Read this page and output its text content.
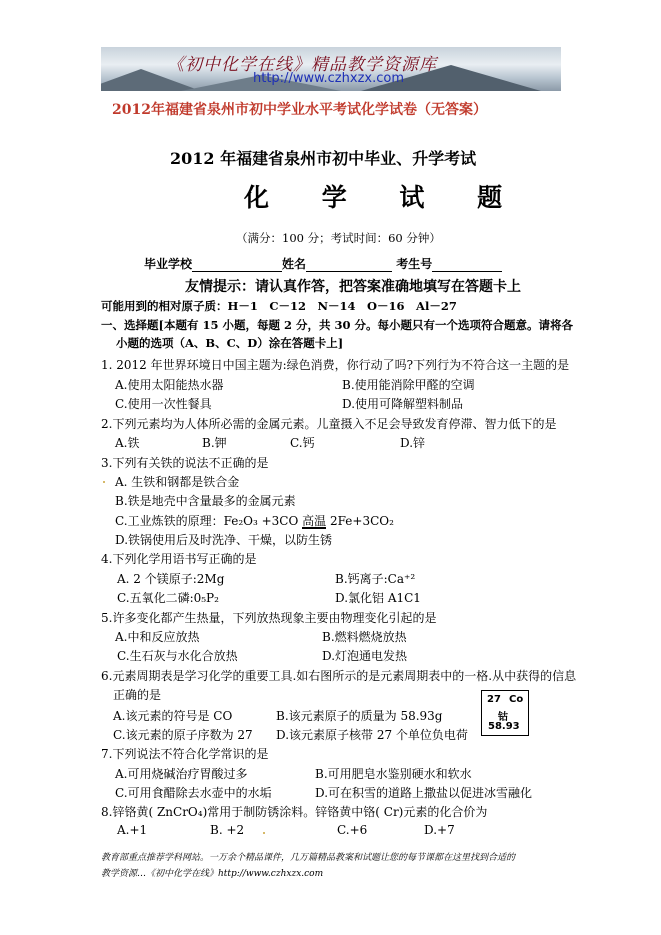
《初中化学在线》精品教学资源库
http://www.czhxzx.com
2012年福建省泉州市初中学业水平考试化学试卷（无答案）
2012 年福建省泉州市初中毕业、升学考试
化 学 试 题
（满分：100 分；考试时间：60 分钟）
毕业学校	姓名	考生号
友情提示：请认真作答，把答案准确地填写在答题卡上
可能用到的相对原子质：H－1　C－12　N－14　O－16　Al－27
一、选择题[本题有 15 小题，每题 2 分，共 30 分。每小题只有一个选项符合题意。请将各
小题的选项（A、B、C、D）涂在答题卡上]
1. 2012 年世界环境日中国主题为:绿色消费，你行动了吗?下列行为不符合这一主题的是
A.使用太阳能热水器	B.使用能消除甲醛的空调
C.使用一次性餐具	D.使用可降解塑料制品
2.下列元素均为人体所必需的金属元素。儿童摄入不足会导致发育停滞、智力低下的是
A.铁	B.钾	C.钙	D.锌
3.下列有关铁的说法不正确的是
A. 生铁和钢都是铁合金
B.铁是地壳中含量最多的金属元素
C.工业炼铁的原理：Fe₂O₃ +3CO 高温 2Fe+3CO₂
D.铁锅使用后及时洗净、干燥，以防生锈
4.下列化学用语书写正确的是
A. 2 个镁原子:2Mg	B.钙离子:Ca⁺²
C.五氧化二磷:0₅P₂	D.氯化铝 A1C1
5.许多变化都产生热量，下列放热现象主要由物理变化引起的是
A.中和反应放热	B.燃料燃烧放热
C.生石灰与水化合放热	D.灯泡通电发热
6.元素周期表是学习化学的重要工具.如右图所示的是元素周期表中的一格.从中获得的信息
正确的是
A.该元素的符号是 CO	B.该元素原子的质量为 58.93g
C.该元素的原子序数为 27 D.该元素原子核带 27 个单位负电荷
27 Co
钴
58.93
7.下列说法不符合化学常识的是
A.可用烧碱治疗胃酸过多	B.可用肥皂水鉴别硬水和软水
C.可用食醋除去水壶中的水垢	D.可在积雪的道路上撒盐以促进冰雪融化
8.锌铬黄( ZnCrO₄)常用于制防锈涂料。锌铬黄中铬( Cr)元素的化合价为
A.+1	B. +2	C.+6	D.+7
教育部重点推荐学科网站。一万余个精品课件，几万篇精品教案和试题让您的每节课都在这里找到合适的
教学资源…《初中化学在线》http://www.czhxzx.com
